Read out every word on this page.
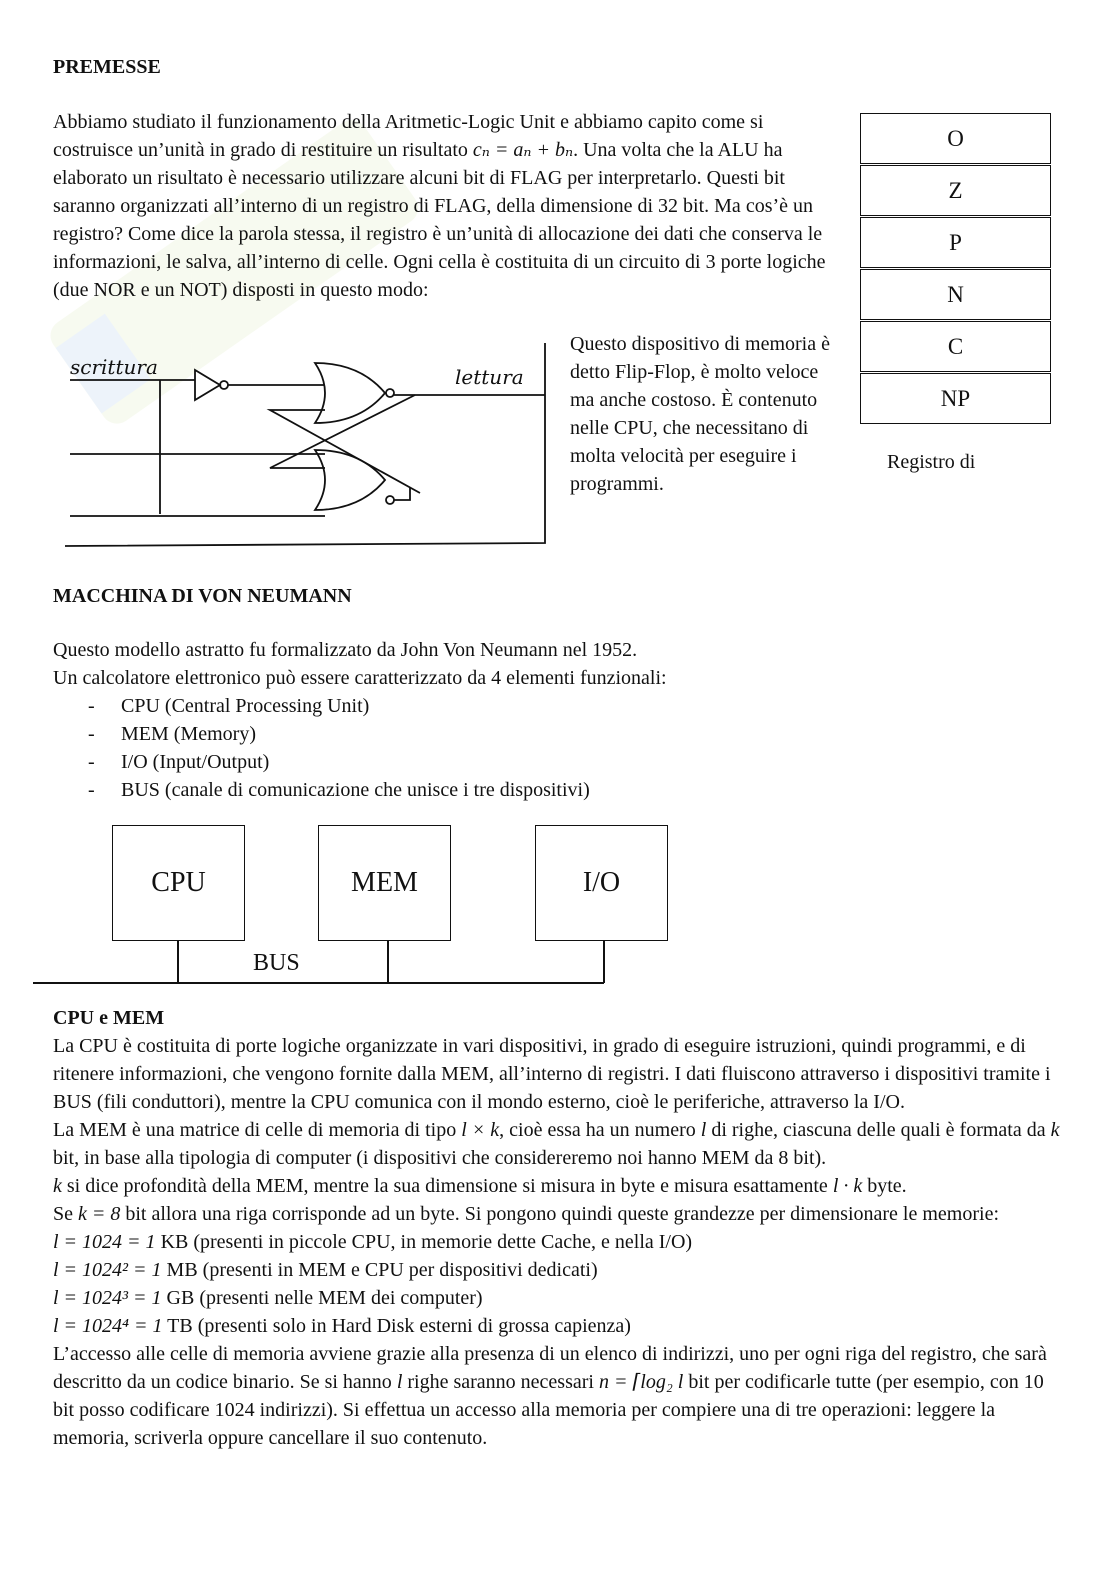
PREMESSE
Abbiamo studiato il funzionamento della Aritmetic-Logic Unit e abbiamo capito come si costruisce un’unità in grado di restituire un risultato cₙ = aₙ + bₙ. Una volta che la ALU ha elaborato un risultato è necessario utilizzare alcuni bit di FLAG per interpretarlo. Questi bit saranno organizzati all’interno di un registro di FLAG, della dimensione di 32 bit. Ma cos’è un registro? Come dice la parola stessa, il registro è un’unità di allocazione dei dati che conserva le informazioni, le salva, all’interno di celle. Ogni cella è costituita di un circuito di 3 porte logiche (due NOR e un NOT) disposti in questo modo:
scrittura	lettura
Questo dispositivo di memoria è detto Flip-Flop, è molto veloce ma anche costoso. È contenuto nelle CPU, che necessitano di molta velocità per eseguire i programmi.
O
Z
P
N
C
NP
Registro di
MACCHINA DI VON NEUMANN
Questo modello astratto fu formalizzato da John Von Neumann nel 1952.
Un calcolatore elettronico può essere caratterizzato da 4 elementi funzionali:
- CPU (Central Processing Unit)
- MEM (Memory)
- I/O (Input/Output)
- BUS (canale di comunicazione che unisce i tre dispositivi)
CPU	MEM	I/O
BUS
CPU e MEM
La CPU è costituita di porte logiche organizzate in vari dispositivi, in grado di eseguire istruzioni, quindi programmi, e di ritenere informazioni, che vengono fornite dalla MEM, all’interno di registri. I dati fluiscono attraverso i dispositivi tramite i BUS (fili conduttori), mentre la CPU comunica con il mondo esterno, cioè le periferiche, attraverso la I/O.
La MEM è una matrice di celle di memoria di tipo l × k, cioè essa ha un numero l di righe, ciascuna delle quali è formata da k bit, in base alla tipologia di computer (i dispositivi che considereremo noi hanno MEM da 8 bit).
k si dice profondità della MEM, mentre la sua dimensione si misura in byte e misura esattamente l · k byte.
Se k = 8 bit allora una riga corrisponde ad un byte. Si pongono quindi queste grandezze per dimensionare le memorie:
l = 1024 = 1 KB (presenti in piccole CPU, in memorie dette Cache, e nella I/O)
l = 1024² = 1 MB (presenti in MEM e CPU per dispositivi dedicati)
l = 1024³ = 1 GB (presenti nelle MEM dei computer)
l = 1024⁴ = 1 TB (presenti solo in Hard Disk esterni di grossa capienza)
L’accesso alle celle di memoria avviene grazie alla presenza di un elenco di indirizzi, uno per ogni riga del registro, che sarà descritto da un codice binario. Se si hanno l righe saranno necessari n = ⌈log₂ l bit per codificarle tutte (per esempio, con 10 bit posso codificare 1024 indirizzi). Si effettua un accesso alla memoria per compiere una di tre operazioni: leggere la memoria, scriverla oppure cancellare il suo contenuto.
